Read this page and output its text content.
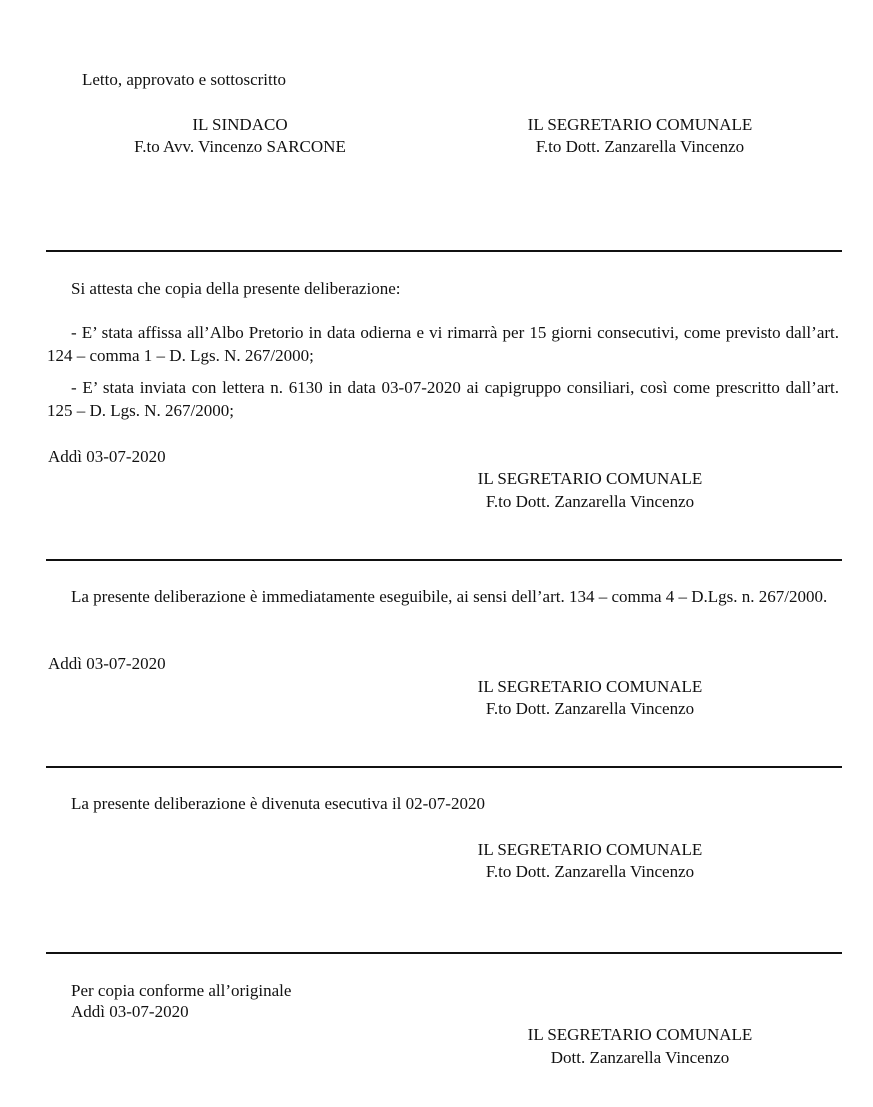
Letto, approvato e sottoscritto
IL SINDACO
F.to Avv. Vincenzo SARCONE
IL SEGRETARIO COMUNALE
F.to Dott. Zanzarella Vincenzo
Si attesta che copia della presente deliberazione:
- E’ stata affissa all’Albo Pretorio in data odierna e vi rimarrà per 15 giorni consecutivi, come previsto dall’art. 124 – comma 1 – D. Lgs. N. 267/2000;
- E’ stata inviata con lettera n. 6130 in data 03-07-2020 ai capigruppo consiliari, così come prescritto dall’art. 125 – D. Lgs. N. 267/2000;
Addì 03-07-2020
IL SEGRETARIO COMUNALE
F.to Dott. Zanzarella Vincenzo
La presente deliberazione è immediatamente eseguibile, ai sensi dell’art. 134 – comma 4 – D.Lgs. n. 267/2000.
Addì 03-07-2020
IL SEGRETARIO COMUNALE
F.to Dott. Zanzarella Vincenzo
La presente deliberazione è divenuta esecutiva il 02-07-2020
IL SEGRETARIO COMUNALE
F.to Dott. Zanzarella Vincenzo
Per copia conforme all’originale
Addì 03-07-2020
IL SEGRETARIO COMUNALE
Dott. Zanzarella Vincenzo
